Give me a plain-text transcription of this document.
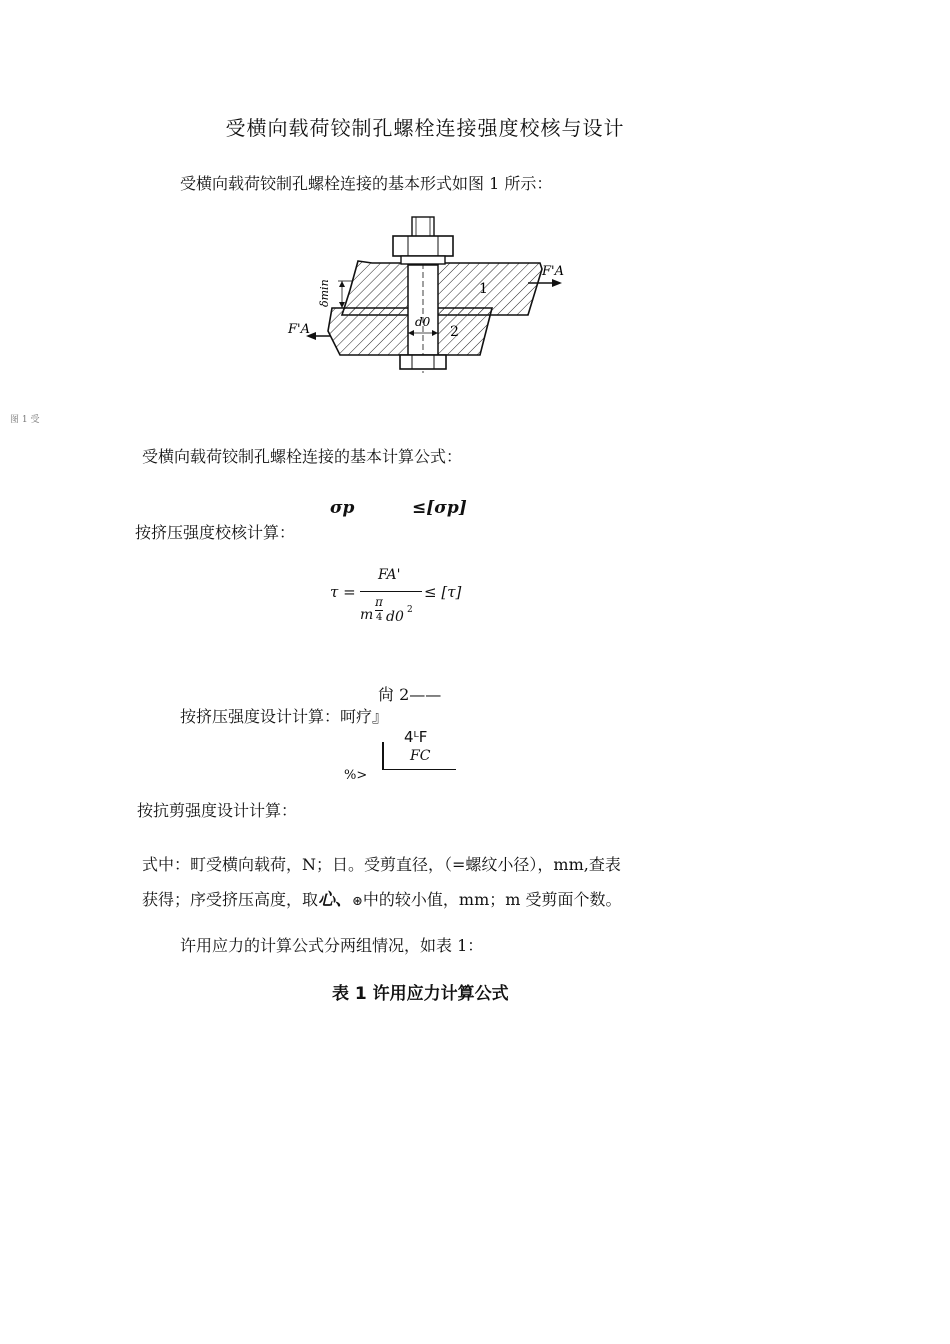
受横向载荷铰制孔螺栓连接强度校核与设计
受横向载荷铰制孔螺栓连接的基本形式如图 1 所示：
F'A
F'A
δmin
d0
1
2
图 1 受
受横向载荷铰制孔螺栓连接的基本计算公式：
σp	≤[σp]
按挤压强度校核计算：
τ =
FA'
m
π
4 d0 2
≤ [τ]
尙 2——
按挤压强度设计计算：呵疗』
4ᴸF
FC
%>
按抗剪强度设计计算：
式中：町受横向载荷，N；日。受剪直径，（=螺纹小径），mm,查表
获得；序受挤压高度，取心、⊛中的较小值，mm；m 受剪面个数。
许用应力的计算公式分两组情况，如表 1：
表 1 许用应力计算公式
